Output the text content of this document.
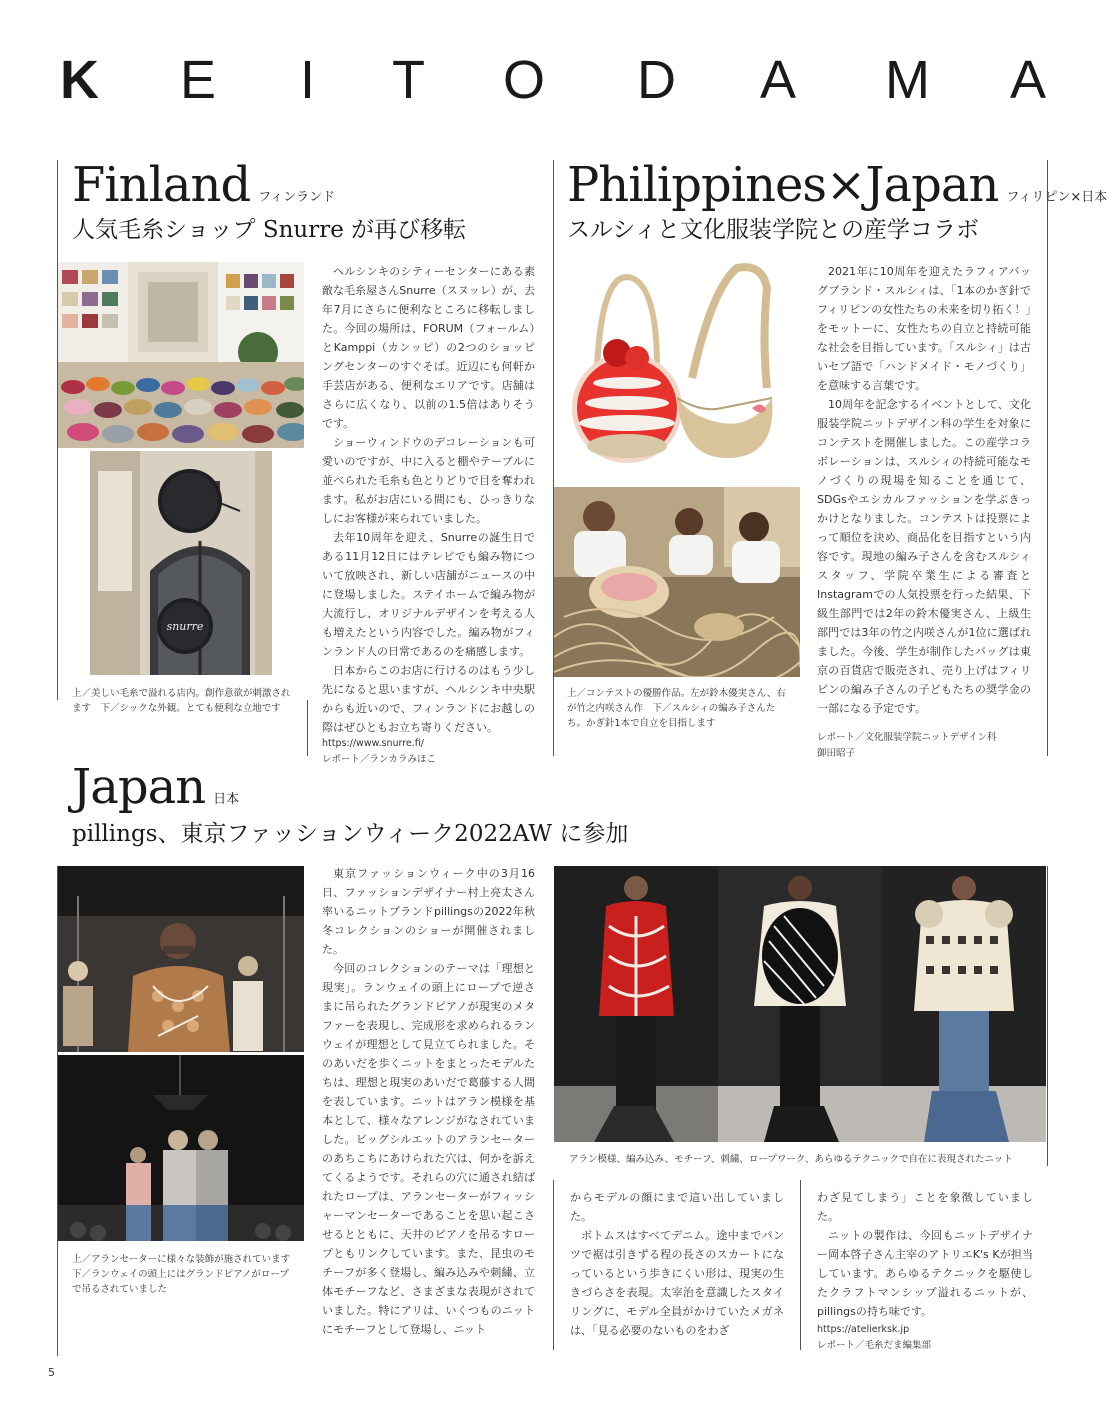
K E I T O D A M A
Finland フィンランド
人気毛糸ショップ Snurre が再び移転
snurre
上／美しい毛糸で溢れる店内。創作意欲が刺激されます　下／シックな外観。とても便利な立地です

ヘルシンキのシティーセンターにある素敵な毛糸屋さんSnurre（スヌッレ）が、去年7月にさらに便利なところに移転しました。今回の場所は、FORUM（フォールム）とKamppi（カンッピ）の2つのショッピングセンターのすぐそば。近辺にも何軒か手芸店がある、便利なエリアです。店舗はさらに広くなり、以前の1.5倍はありそうです。

ショーウィンドウのデコレーションも可愛いのですが、中に入ると棚やテーブルに並べられた毛糸も色とりどりで目を奪われます。私がお店にいる間にも、ひっきりなしにお客様が来られていました。

去年10周年を迎え、Snurreの誕生日である11月12日にはテレビでも編み物について放映され、新しい店舗がニュースの中に登場しました。ステイホームで編み物が大流行し、オリジナルデザインを考える人も増えたという内容でした。編み物がフィンランド人の日常であるのを痛感します。

日本からこのお店に行けるのはもう少し先になると思いますが、ヘルシンキ中央駅からも近いので、フィンランドにお越しの際はぜひともお立ち寄りください。

https://www.snurre.fi/
レポート／ランカラみほこ
Philippines×Japan フィリピン×日本
スルシィと文化服装学院との産学コラボ
上／コンテストの優勝作品。左が鈴木優実さん、右が竹之内咲さん作　下／スルシィの編み子さんたち。かぎ針1本で自立を目指します

2021年に10周年を迎えたラフィアバッグブランド・スルシィは、「1本のかぎ針でフィリピンの女性たちの未来を切り拓く！」をモットーに、女性たちの自立と持続可能な社会を目指しています。「スルシィ」は古いセブ語で「ハンドメイド・モノづくり」を意味する言葉です。

10周年を記念するイベントとして、文化服装学院ニットデザイン科の学生を対象にコンテストを開催しました。この産学コラボレーションは、スルシィの持続可能なモノづくりの現場を知ることを通じて、SDGsやエシカルファッションを学ぶきっかけとなりました。コンテストは投票によって順位を決め、商品化を目指すという内容です。現地の編み子さんを含むスルシィスタッフ、学院卒業生による審査とInstagramでの人気投票を行った結果、下級生部門では2年の鈴木優実さん、上級生部門では3年の竹之内咲さんが1位に選ばれました。今後、学生が制作したバッグは東京の百貨店で販売され、売り上げはフィリピンの編み子さんの子どもたちの奨学金の一部になる予定です。

レポート／文化服装学院ニットデザイン科
御田昭子
Japan 日本
pillings、東京ファッションウィーク2022AW に参加
上／アランセーターに様々な装飾が施されています　下／ランウェイの頭上にはグランドピアノがロープで吊るされていました

東京ファッションウィーク中の3月16日、ファッションデザイナー村上亮太さん率いるニットブランドpillingsの2022年秋冬コレクションのショーが開催されました。

今回のコレクションのテーマは「理想と現実」。ランウェイの頭上にロープで逆さまに吊られたグランドピアノが現実のメタファーを表現し、完成形を求められるランウェイが理想として見立てられました。そのあいだを歩くニットをまとったモデルたちは、理想と現実のあいだで葛藤する人間を表しています。ニットはアラン模様を基本として、様々なアレンジがなされていました。ビッグシルエットのアランセーターのあちこちにあけられた穴は、何かを訴えてくるようです。それらの穴に通され結ばれたロープは、アランセーターがフィッシャーマンセーターであることを思い起こさせるとともに、天井のピアノを吊るすロープともリンクしています。また、昆虫のモチーフが多く登場し、編み込みや刺繍、立体モチーフなど、さまざまな表現がされていました。特にアリは、いくつものニットにモチーフとして登場し、ニット

アラン模様、編み込み、モチーフ、刺繍、ロープワーク、あらゆるテクニックで自在に表現されたニット

からモデルの顔にまで這い出していました。

ボトムスはすべてデニム。途中までパンツで裾は引きずる程の長さのスカートになっているという歩きにくい形は、現実の生きづらさを表現。太宰治を意識したスタイリングに、モデル全員がかけていたメガネは、「見る必要のないものをわざ

わざ見てしまう」ことを象徴していました。

ニットの製作は、今回もニットデザイナー岡本啓子さん主宰のアトリエK's Kが担当しています。あらゆるテクニックを駆使したクラフトマンシップ溢れるニットが、pillingsの持ち味です。

https://atelierksk.jp
レポート／毛糸だま編集部
5
